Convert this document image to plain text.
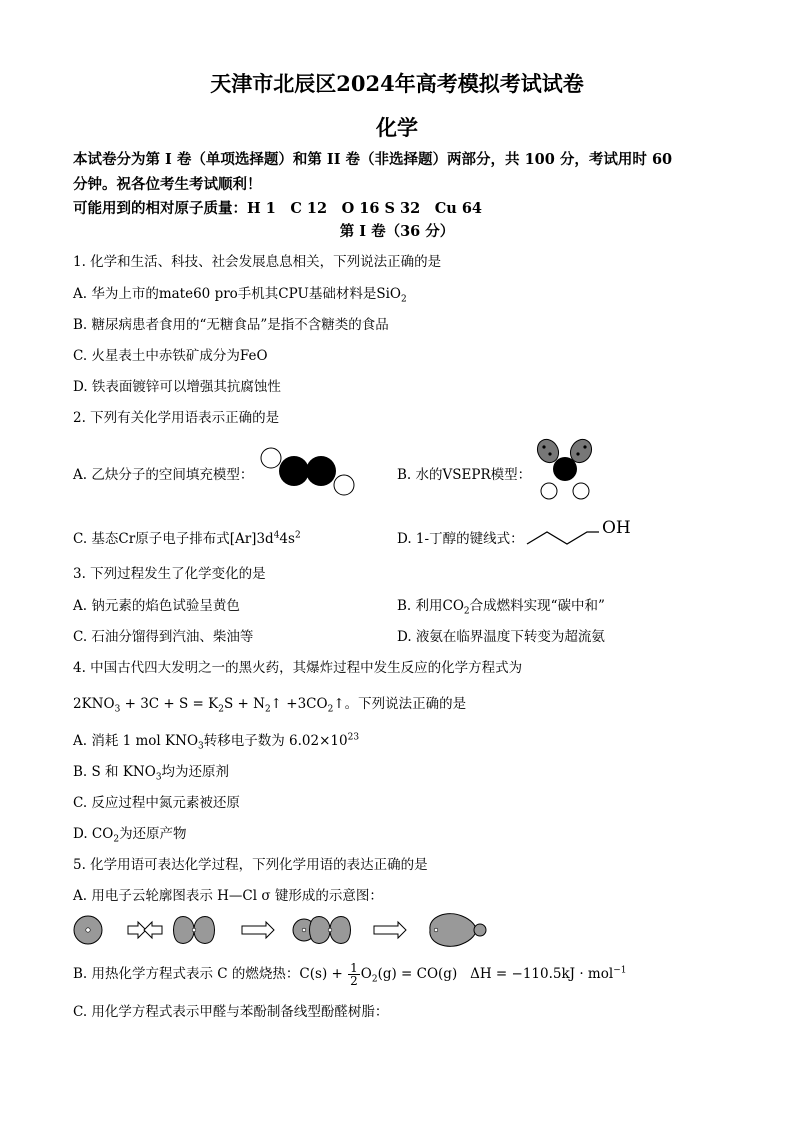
天津市北辰区2024年高考模拟考试试卷
化学
本试卷分为第 I 卷（单项选择题）和第 II 卷（非选择题）两部分，共 100 分，考试用时 60
分钟。祝各位考生考试顺利！
可能用到的相对原子质量：H 1　C 12　O 16 S 32　Cu 64
第 I 卷（36 分）
1. 化学和生活、科技、社会发展息息相关，下列说法正确的是
A. 华为上市的mate60 pro手机其CPU基础材料是SiO$_2$
B. 糖尿病患者食用的“无糖食品”是指不含糖类的食品
C. 火星表土中赤铁矿成分为FeO
D. 铁表面镀锌可以增强其抗腐蚀性
2. 下列有关化学用语表示正确的是
A. 乙炔分子的空间填充模型：	B. 水的VSEPR模型：
C. 基态Cr原子电子排布式$[Ar]3d^44s^2$	D. 1-丁醇的键线式：
OH
3. 下列过程发生了化学变化的是
A. 钠元素的焰色试验呈黄色	B. 利用$CO_2$合成燃料实现“碳中和”
C. 石油分馏得到汽油、柴油等	D. 液氨在临界温度下转变为超流氨
4. 中国古代四大发明之一的黑火药，其爆炸过程中发生反应的化学方程式为
$2KNO_3 + 3C + S = K_2S$ + $N_2↑$ $+3CO_2↑$。下列说法正确的是
A. 消耗 1 mol $KNO_3$转移电子数为 $6.02\times 10^{23}$
B. S 和 $KNO_3$均为还原剂
C. 反应过程中氮元素被还原
D. $CO_2$为还原产物
5. 化学用语可表达化学过程，下列化学用语的表达正确的是
A. 用电子云轮廓图表示 H—Cl σ 键形成的示意图：
B. 用热化学方程式表示 C 的燃烧热：$C(s) + \frac{1}{2} O_2(g) = CO(g) \Delta H = -110.5kJ \cdot mol^{-1}$
C. 用化学方程式表示甲醛与苯酚制备线型酚醛树脂：
